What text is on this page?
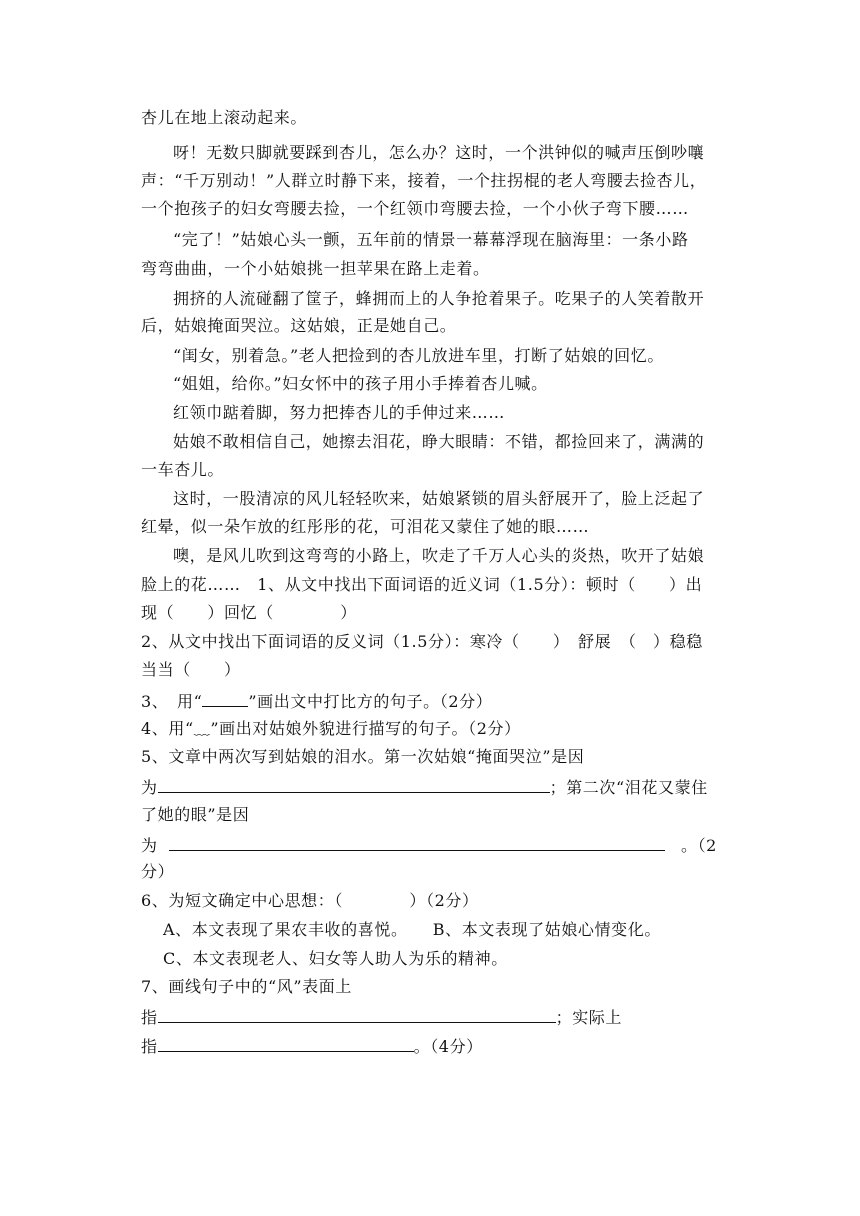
杏儿在地上滚动起来。
呀！无数只脚就要踩到杏儿，怎么办？这时，一个洪钟似的喊声压倒吵嚷
声：“千万别动！”人群立时静下来，接着，一个拄拐棍的老人弯腰去捡杏儿，
一个抱孩子的妇女弯腰去捡，一个红领巾弯腰去捡，一个小伙子弯下腰……
“完了！”姑娘心头一颤，五年前的情景一幕幕浮现在脑海里：一条小路
弯弯曲曲，一个小姑娘挑一担苹果在路上走着。
拥挤的人流碰翻了筐子，蜂拥而上的人争抢着果子。吃果子的人笑着散开
后，姑娘掩面哭泣。这姑娘，正是她自己。
“闺女，别着急。”老人把捡到的杏儿放进车里，打断了姑娘的回忆。
“姐姐，给你。”妇女怀中的孩子用小手捧着杏儿喊。
红领巾踮着脚，努力把捧杏儿的手伸过来……
姑娘不敢相信自己，她擦去泪花，睁大眼睛：不错，都捡回来了，满满的
一车杏儿。
这时，一股清凉的风儿轻轻吹来，姑娘紧锁的眉头舒展开了，脸上泛起了
红晕，似一朵乍放的红彤彤的花，可泪花又蒙住了她的眼……
噢，是风儿吹到这弯弯的小路上，吹走了千万人心头的炎热，吹开了姑娘
脸上的花……　1、从文中找出下面词语的近义词（1.5分）：顿时（　　）出
现（　　）回忆（　　　　）
2、从文中找出下面词语的反义词（1.5分）：寒冷（　　）　舒展　（　）稳稳
当当（　　）
3、　用“	”画出文中打比方的句子。（2分）
4、用“﹏”画出对姑娘外貌进行描写的句子。（2分）
5、文章中两次写到姑娘的泪水。第一次姑娘“掩面哭泣”是因
为	；第二次“泪花又蒙住
了她的眼”是因
为	。（2
分）
6、为短文确定中心思想：（　　　　）（2分）
A、本文表现了果农丰收的喜悦。　　B、本文表现了姑娘心情变化。
C、本文表现老人、妇女等人助人为乐的精神。
7、画线句子中的“风”表面上
指	；实际上
指	。（4分）
